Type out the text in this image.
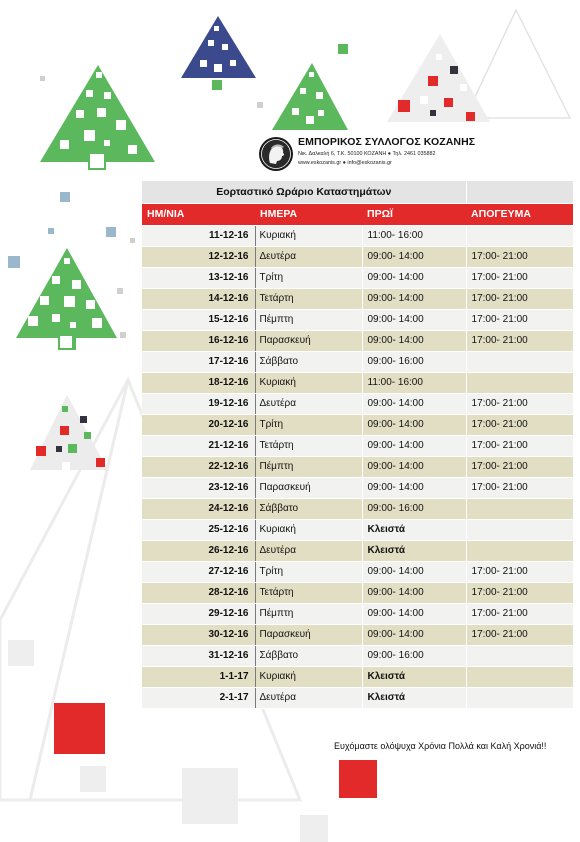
ΕΜΠΟΡΙΚΟΣ ΣΥΛΛΟΓΟΣ ΚΟΖΑΝΗΣ
Νικ. Δαλκαλή 6, Τ.Κ. 50100 ΚΟΖΑΝΗ ● Τηλ. 2461 035882
www.eskozanis.gr ● info@eskozanis.gr
Εορταστικό Ωράριο Καταστημάτων			
ΗΜ/ΝΙΑ	ΗΜΕΡΑ	ΠΡΩΪ	ΑΠΟΓΕΥΜΑ
11-12-16	Κυριακή	11:00- 16:00	
12-12-16	Δευτέρα	09:00- 14:00	17:00- 21:00
13-12-16	Τρίτη	09:00- 14:00	17:00- 21:00
14-12-16	Τετάρτη	09:00- 14:00	17:00- 21:00
15-12-16	Πέμπτη	09:00- 14:00	17:00- 21:00
16-12-16	Παρασκευή	09:00- 14:00	17:00- 21:00
17-12-16	Σάββατο	09:00- 16:00	
18-12-16	Κυριακή	11:00- 16:00	
19-12-16	Δευτέρα	09:00- 14:00	17:00- 21:00
20-12-16	Τρίτη	09:00- 14:00	17:00- 21:00
21-12-16	Τετάρτη	09:00- 14:00	17:00- 21:00
22-12-16	Πέμπτη	09:00- 14:00	17:00- 21:00
23-12-16	Παρασκευή	09:00- 14:00	17:00- 21:00
24-12-16	Σάββατο	09:00- 16:00	
25-12-16	Κυριακή	Κλειστά	
26-12-16	Δευτέρα	Κλειστά	
27-12-16	Τρίτη	09:00- 14:00	17:00- 21:00
28-12-16	Τετάρτη	09:00- 14:00	17:00- 21:00
29-12-16	Πέμπτη	09:00- 14:00	17:00- 21:00
30-12-16	Παρασκευή	09:00- 14:00	17:00- 21:00
31-12-16	Σάββατο	09:00- 16:00	
1-1-17	Κυριακή	Κλειστά	
2-1-17	Δευτέρα	Κλειστά	
Ευχόμαστε ολόψυχα Χρόνια Πολλά και Καλή Χρονιά!!
